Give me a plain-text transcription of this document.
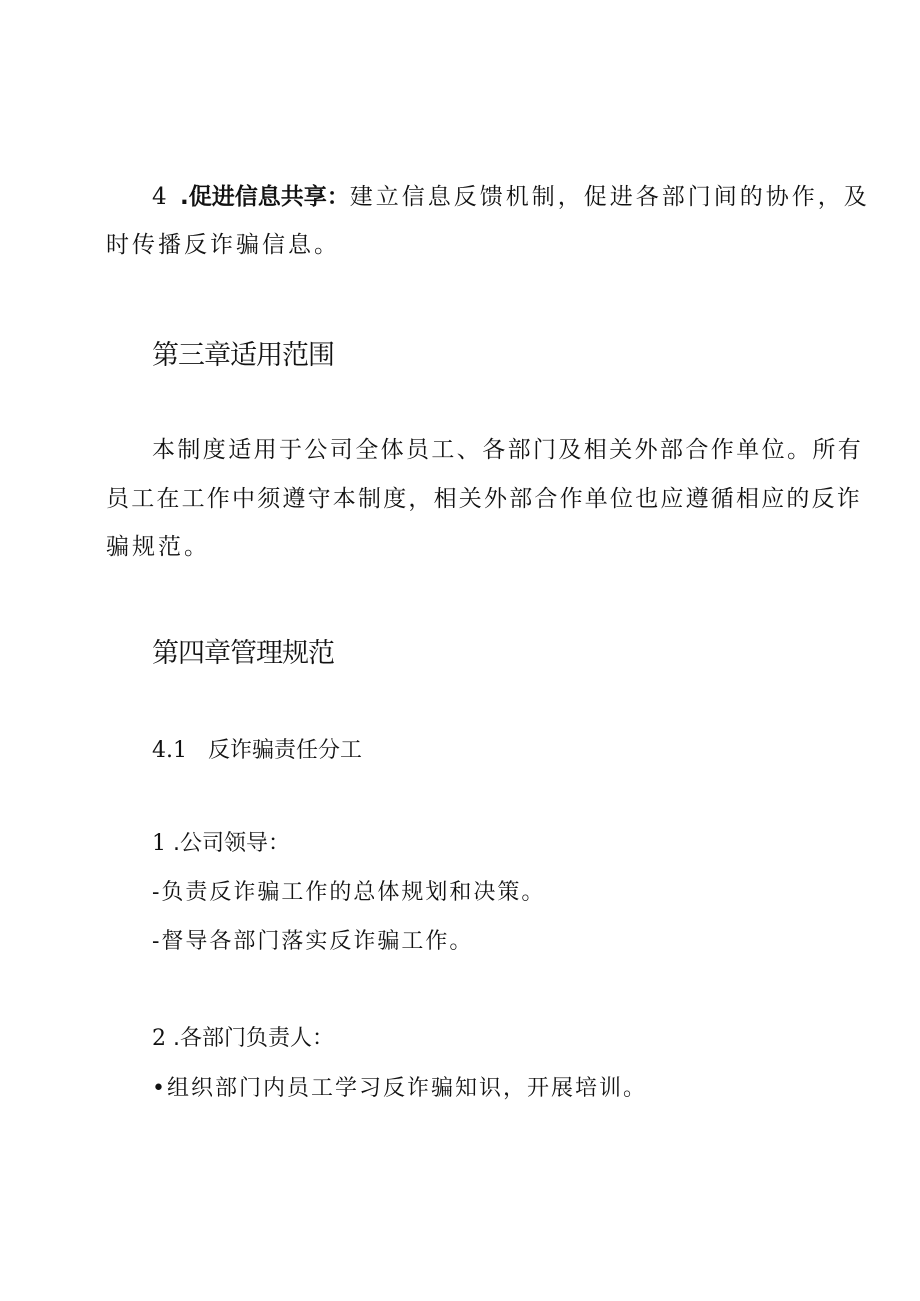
4 .促进信息共享：建立信息反馈机制，促进各部门间的协作，及
时传播反诈骗信息。
第三章适用范围
本制度适用于公司全体员工、各部门及相关外部合作单位。所有
员工在工作中须遵守本制度，相关外部合作单位也应遵循相应的反诈
骗规范。
第四章管理规范
4.1 反诈骗责任分工
1 .公司领导：
-负责反诈骗工作的总体规划和决策。
-督导各部门落实反诈骗工作。
2 .各部门负责人：
•组织部门内员工学习反诈骗知识，开展培训。
